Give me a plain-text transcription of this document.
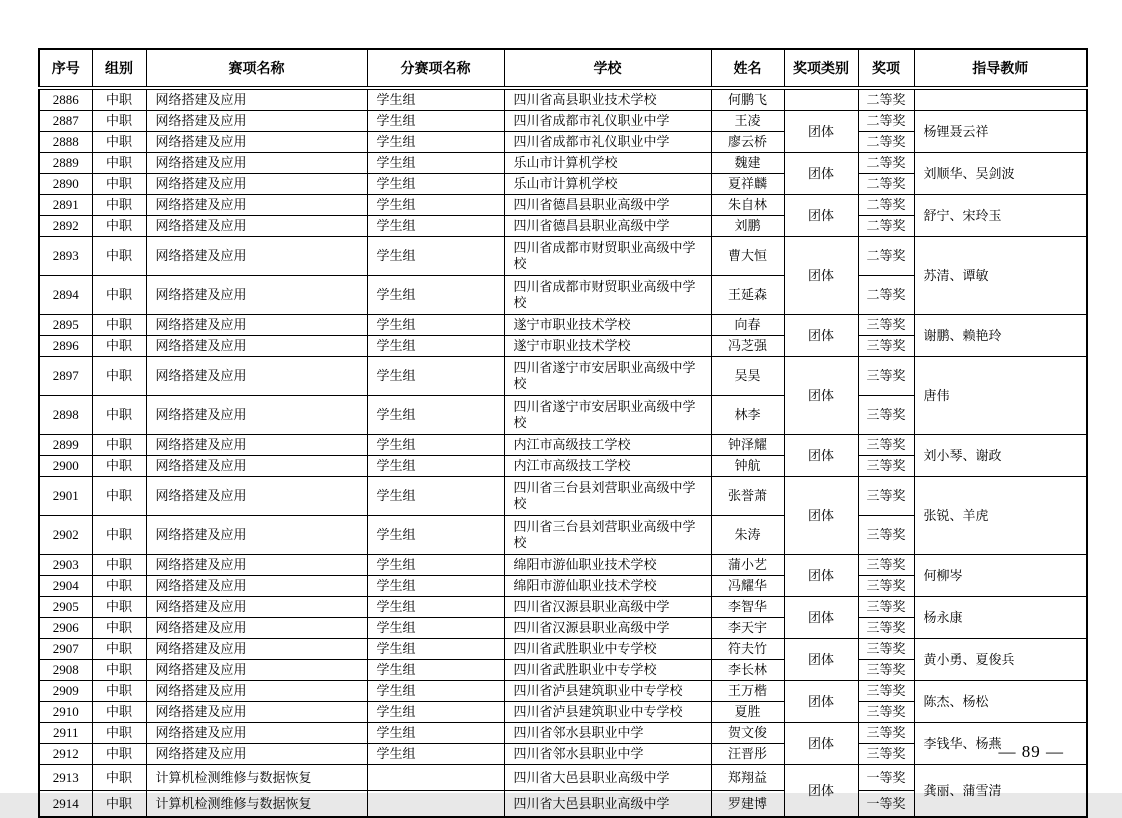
序号	组别	赛项名称	分赛项名称	学校	姓名	奖项类别	奖项	指导教师
2886	中职	网络搭建及应用	学生组	四川省高县职业技术学校	何鹏飞		二等奖	
2887	中职	网络搭建及应用	学生组	四川省成都市礼仪职业中学	王凌	团体	二等奖	杨锂聂云祥
2888	中职	网络搭建及应用	学生组	四川省成都市礼仪职业中学	廖云桥		二等奖	
2889	中职	网络搭建及应用	学生组	乐山市计算机学校	魏建	团体	二等奖	刘顺华、吴剑波
2890	中职	网络搭建及应用	学生组	乐山市计算机学校	夏祥麟		二等奖	
2891	中职	网络搭建及应用	学生组	四川省德昌县职业高级中学	朱自林	团体	二等奖	舒宁、宋玲玉
2892	中职	网络搭建及应用	学生组	四川省德昌县职业高级中学	刘鹏		二等奖	
2893	中职	网络搭建及应用	学生组	四川省成都市财贸职业高级中学校	曹大恒	团体	二等奖	苏清、谭敏
2894	中职	网络搭建及应用	学生组	四川省成都市财贸职业高级中学校	王延森		二等奖	
2895	中职	网络搭建及应用	学生组	遂宁市职业技术学校	向春	团体	三等奖	谢鹏、赖艳玲
2896	中职	网络搭建及应用	学生组	遂宁市职业技术学校	冯芝强		三等奖	
2897	中职	网络搭建及应用	学生组	四川省遂宁市安居职业高级中学校	吴昊	团体	三等奖	唐伟
2898	中职	网络搭建及应用	学生组	四川省遂宁市安居职业高级中学校	林李		三等奖	
2899	中职	网络搭建及应用	学生组	内江市高级技工学校	钟泽耀	团体	三等奖	刘小琴、谢政
2900	中职	网络搭建及应用	学生组	内江市高级技工学校	钟航		三等奖	
2901	中职	网络搭建及应用	学生组	四川省三台县刘营职业高级中学校	张誉萧	团体	三等奖	张锐、羊虎
2902	中职	网络搭建及应用	学生组	四川省三台县刘营职业高级中学校	朱涛		三等奖	
2903	中职	网络搭建及应用	学生组	绵阳市游仙职业技术学校	蒲小艺	团体	三等奖	何柳岑
2904	中职	网络搭建及应用	学生组	绵阳市游仙职业技术学校	冯耀华		三等奖	
2905	中职	网络搭建及应用	学生组	四川省汉源县职业高级中学	李智华	团体	三等奖	杨永康
2906	中职	网络搭建及应用	学生组	四川省汉源县职业高级中学	李天宇		三等奖	
2907	中职	网络搭建及应用	学生组	四川省武胜职业中专学校	符夫竹	团体	三等奖	黄小勇、夏俊兵
2908	中职	网络搭建及应用	学生组	四川省武胜职业中专学校	李长林		三等奖	
2909	中职	网络搭建及应用	学生组	四川省泸县建筑职业中专学校	王万楷	团体	三等奖	陈杰、杨松
2910	中职	网络搭建及应用	学生组	四川省泸县建筑职业中专学校	夏胜		三等奖	
2911	中职	网络搭建及应用	学生组	四川省邻水县职业中学	贺文俊	团体	三等奖	李钱华、杨燕
2912	中职	网络搭建及应用	学生组	四川省邻水县职业中学	汪晋彤		三等奖	
2913	中职	计算机检测维修与数据恢复		四川省大邑县职业高级中学	郑翔益	团体	一等奖	龚丽、蒲雪清
2914	中职	计算机检测维修与数据恢复		四川省大邑县职业高级中学	罗建博		一等奖	
— 89 —
